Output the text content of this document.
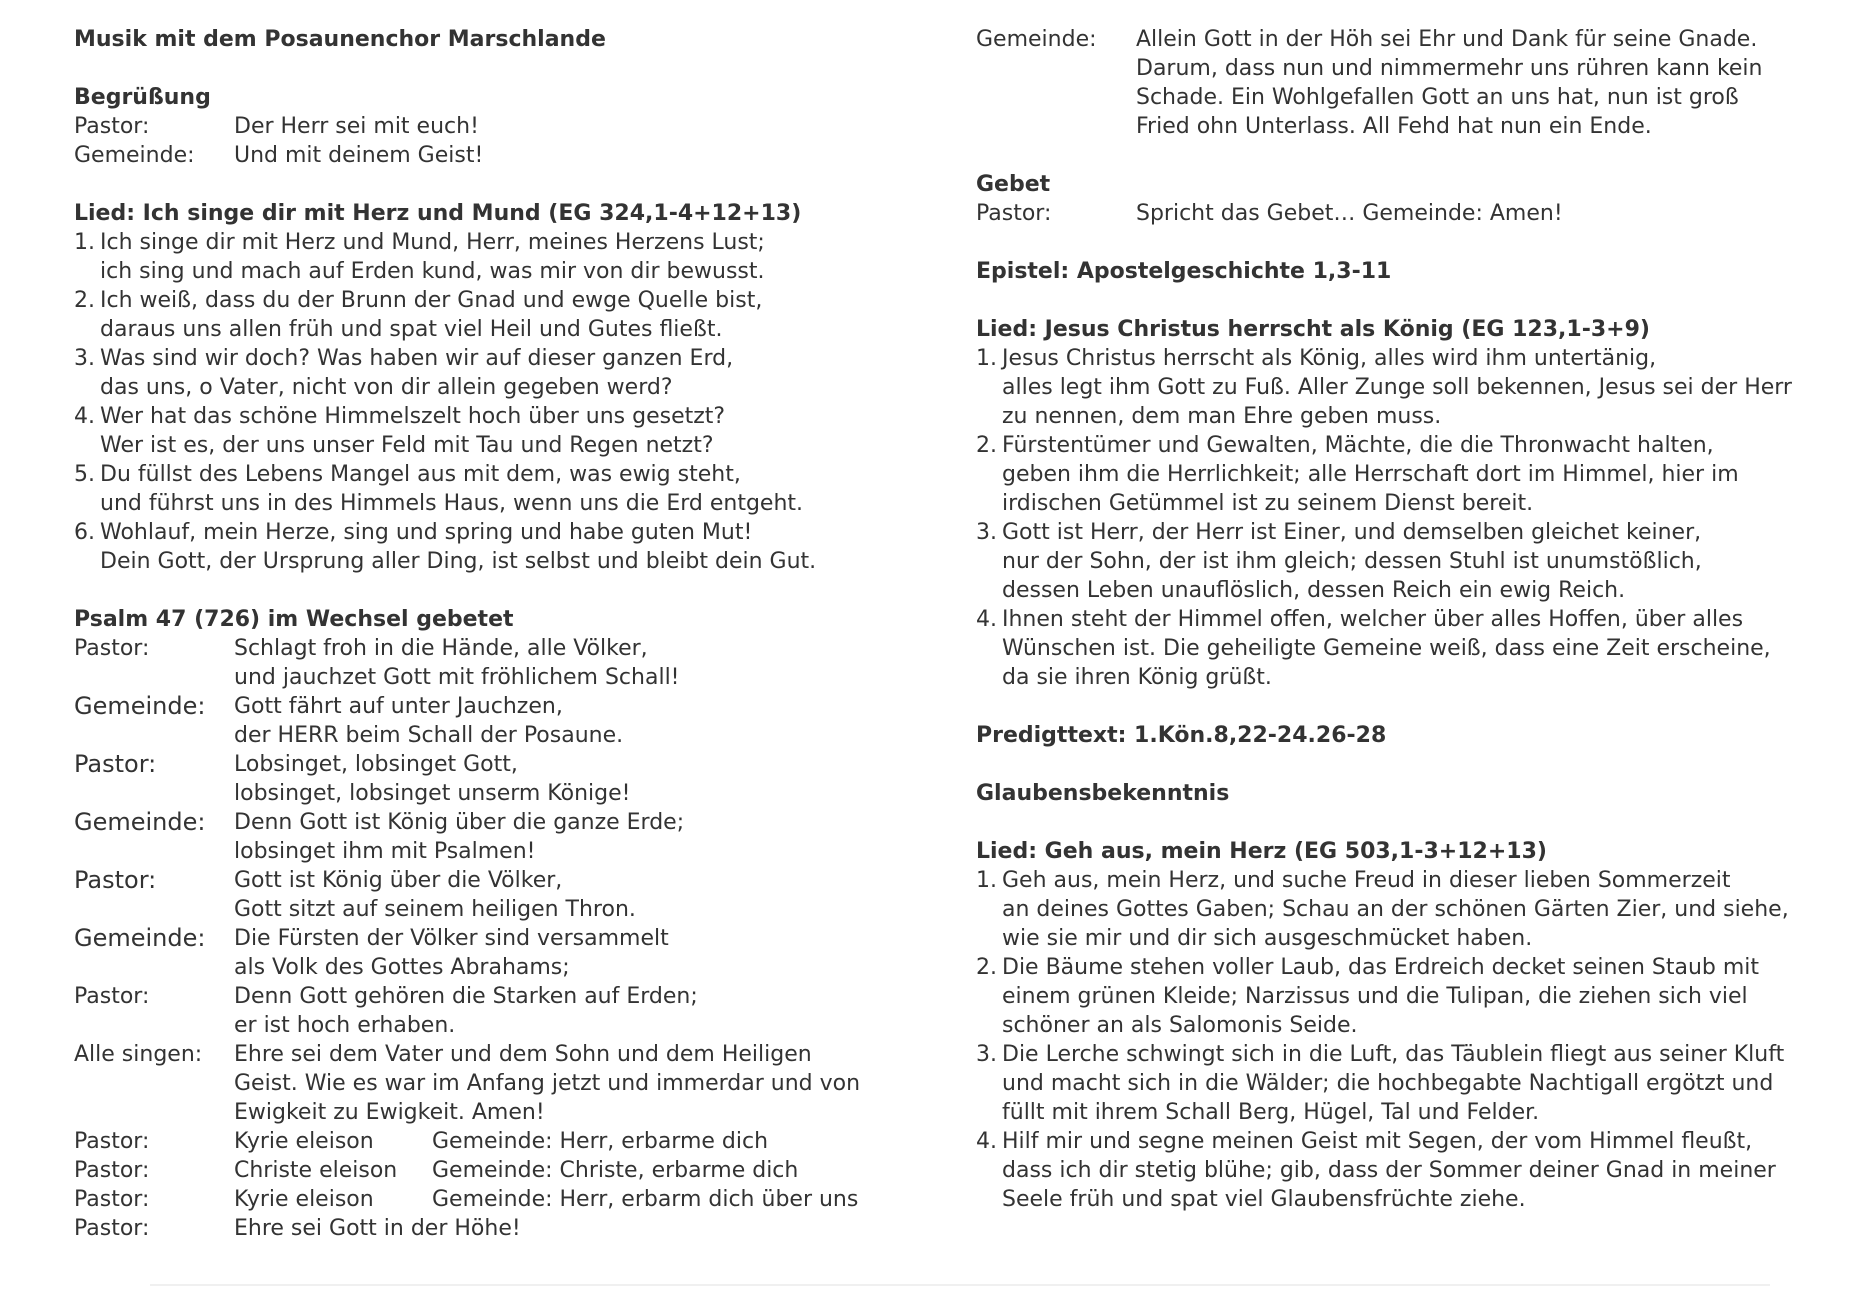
Musik mit dem Posaunenchor Marschlande
Begrüßung
Pastor:	Der Herr sei mit euch!
Gemeinde:	Und mit deinem Geist!
Lied: Ich singe dir mit Herz und Mund (EG 324,1-4+12+13)
1. Ich singe dir mit Herz und Mund, Herr, meines Herzens Lust;
ich sing und mach auf Erden kund, was mir von dir bewusst.
2. Ich weiß, dass du der Brunn der Gnad und ewge Quelle bist,
daraus uns allen früh und spat viel Heil und Gutes fließt.
3. Was sind wir doch? Was haben wir auf dieser ganzen Erd,
das uns, o Vater, nicht von dir allein gegeben werd?
4. Wer hat das schöne Himmelszelt hoch über uns gesetzt?
Wer ist es, der uns unser Feld mit Tau und Regen netzt?
5. Du füllst des Lebens Mangel aus mit dem, was ewig steht,
und führst uns in des Himmels Haus, wenn uns die Erd entgeht.
6. Wohlauf, mein Herze, sing und spring und habe guten Mut!
Dein Gott, der Ursprung aller Ding, ist selbst und bleibt dein Gut.
Psalm 47 (726) im Wechsel gebetet
Pastor:	Schlagt froh in die Hände, alle Völker,
und jauchzet Gott mit fröhlichem Schall!
Gemeinde:	Gott fährt auf unter Jauchzen,
der HERR beim Schall der Posaune.
Pastor:	Lobsinget, lobsinget Gott,
lobsinget, lobsinget unserm Könige!
Gemeinde:	Denn Gott ist König über die ganze Erde;
lobsinget ihm mit Psalmen!
Pastor:	Gott ist König über die Völker,
Gott sitzt auf seinem heiligen Thron.
Gemeinde:	Die Fürsten der Völker sind versammelt
als Volk des Gottes Abrahams;
Pastor:	Denn Gott gehören die Starken auf Erden;
er ist hoch erhaben.
Alle singen:	Ehre sei dem Vater und dem Sohn und dem Heiligen
Geist. Wie es war im Anfang jetzt und immerdar und von
Ewigkeit zu Ewigkeit. Amen!
Pastor:	Kyrie eleison	Gemeinde: Herr, erbarme dich
Pastor:	Christe eleison	Gemeinde: Christe, erbarme dich
Pastor:	Kyrie eleison	Gemeinde: Herr, erbarm dich über uns
Pastor:	Ehre sei Gott in der Höhe!
Gemeinde:	Allein Gott in der Höh sei Ehr und Dank für seine Gnade.
Darum, dass nun und nimmermehr uns rühren kann kein
Schade. Ein Wohlgefallen Gott an uns hat, nun ist groß
Fried ohn Unterlass. All Fehd hat nun ein Ende.
Gebet
Pastor:	Spricht das Gebet… Gemeinde: Amen!
Epistel: Apostelgeschichte 1,3-11
Lied: Jesus Christus herrscht als König (EG 123,1-3+9)
1. Jesus Christus herrscht als König, alles wird ihm untertänig,
alles legt ihm Gott zu Fuß. Aller Zunge soll bekennen, Jesus sei der Herr
zu nennen, dem man Ehre geben muss.
2. Fürstentümer und Gewalten, Mächte, die die Thronwacht halten,
geben ihm die Herrlichkeit; alle Herrschaft dort im Himmel, hier im
irdischen Getümmel ist zu seinem Dienst bereit.
3. Gott ist Herr, der Herr ist Einer, und demselben gleichet keiner,
nur der Sohn, der ist ihm gleich; dessen Stuhl ist unumstößlich,
dessen Leben unauflöslich, dessen Reich ein ewig Reich.
4. Ihnen steht der Himmel offen, welcher über alles Hoffen, über alles
Wünschen ist. Die geheiligte Gemeine weiß, dass eine Zeit erscheine,
da sie ihren König grüßt.
Predigttext: 1.Kön.8,22-24.26-28
Glaubensbekenntnis
Lied: Geh aus, mein Herz (EG 503,1-3+12+13)
1. Geh aus, mein Herz, und suche Freud in dieser lieben Sommerzeit
an deines Gottes Gaben; Schau an der schönen Gärten Zier, und siehe,
wie sie mir und dir sich ausgeschmücket haben.
2. Die Bäume stehen voller Laub, das Erdreich decket seinen Staub mit
einem grünen Kleide; Narzissus und die Tulipan, die ziehen sich viel
schöner an als Salomonis Seide.
3. Die Lerche schwingt sich in die Luft, das Täublein fliegt aus seiner Kluft
und macht sich in die Wälder; die hochbegabte Nachtigall ergötzt und
füllt mit ihrem Schall Berg, Hügel, Tal und Felder.
4. Hilf mir und segne meinen Geist mit Segen, der vom Himmel fleußt,
dass ich dir stetig blühe; gib, dass der Sommer deiner Gnad in meiner
Seele früh und spat viel Glaubensfrüchte ziehe.
